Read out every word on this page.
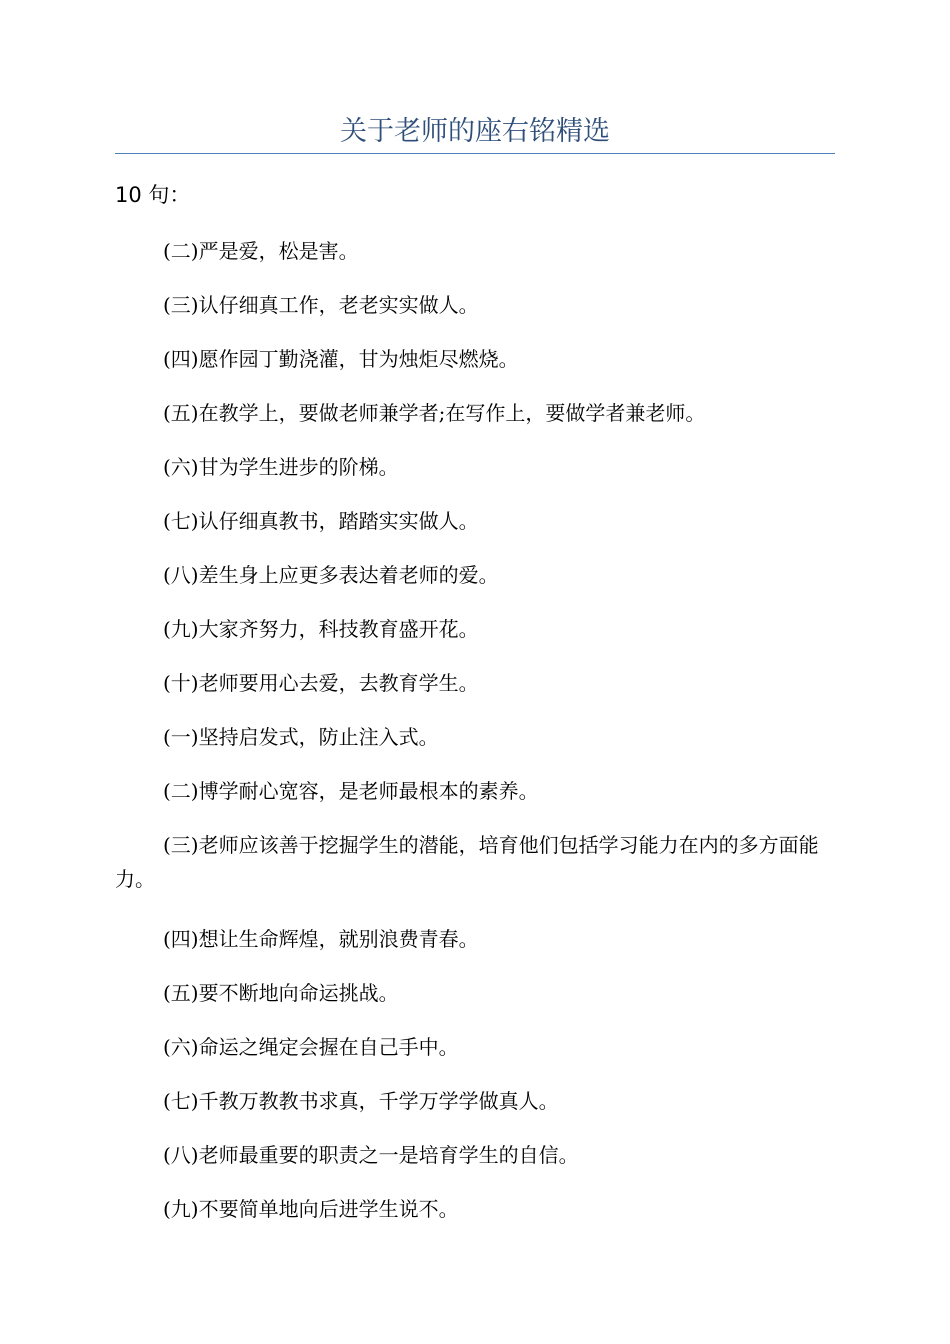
关于老师的座右铭精选
10 句：

(二)严是爱，松是害。

(三)认仔细真工作，老老实实做人。

(四)愿作园丁勤浇灌，甘为烛炬尽燃烧。

(五)在教学上，要做老师兼学者;在写作上，要做学者兼老师。

(六)甘为学生进步的阶梯。

(七)认仔细真教书，踏踏实实做人。

(八)差生身上应更多表达着老师的爱。

(九)大家齐努力，科技教育盛开花。

(十)老师要用心去爱，去教育学生。

(一)坚持启发式，防止注入式。

(二)博学耐心宽容，是老师最根本的素养。

(三)老师应该善于挖掘学生的潜能，培育他们包括学习能力在内的多方面能力。

(四)想让生命辉煌，就别浪费青春。

(五)要不断地向命运挑战。

(六)命运之绳定会握在自己手中。

(七)千教万教教书求真，千学万学学做真人。

(八)老师最重要的职责之一是培育学生的自信。

(九)不要简单地向后进学生说不。
